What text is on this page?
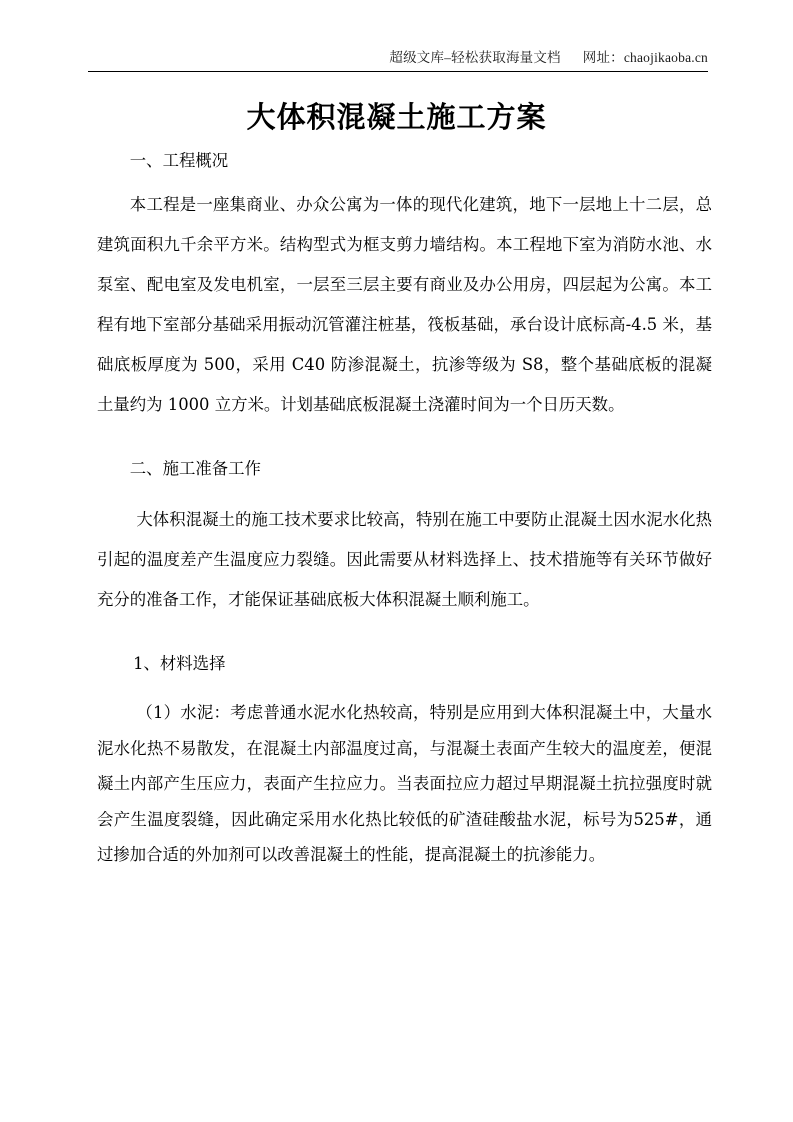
超级文库–轻松获取海量文档 网址：chaojikaoba.cn
大体积混凝土施工方案

一、工程概况

本工程是一座集商业、办众公寓为一体的现代化建筑，地下一层地上十二层，总建筑面积九千余平方米。结构型式为框支剪力墙结构。本工程地下室为消防水池、水泵室、配电室及发电机室，一层至三层主要有商业及办公用房，四层起为公寓。本工程有地下室部分基础采用振动沉管灌注桩基，筏板基础，承台设计底标高-4.5 米，基础底板厚度为 500，采用 C40 防渗混凝土，抗渗等级为 S8，整个基础底板的混凝土量约为 1000 立方米。计划基础底板混凝土浇灌时间为一个日历天数。

二、施工准备工作

大体积混凝土的施工技术要求比较高，特别在施工中要防止混凝土因水泥水化热引起的温度差产生温度应力裂缝。因此需要从材料选择上、技术措施等有关环节做好充分的准备工作，才能保证基础底板大体积混凝土顺利施工。

1、材料选择

（1）水泥：考虑普通水泥水化热较高，特别是应用到大体积混凝土中，大量水泥水化热不易散发，在混凝土内部温度过高，与混凝土表面产生较大的温度差，便混凝土内部产生压应力，表面产生拉应力。当表面拉应力超过早期混凝土抗拉强度时就会产生温度裂缝，因此确定采用水化热比较低的矿渣硅酸盐水泥，标号为525#，通过掺加合适的外加剂可以改善混凝土的性能，提高混凝土的抗渗能力。
